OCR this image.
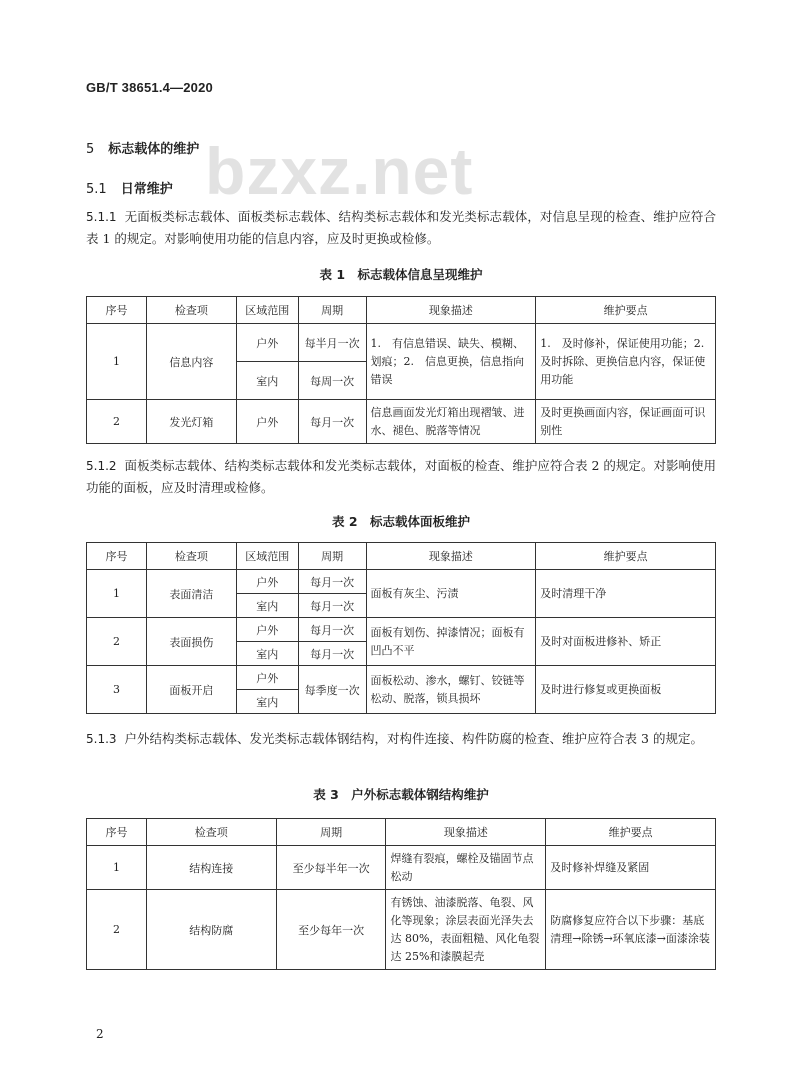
GB/T 38651.4—2020
bzxz.net
5 标志载体的维护
5.1 日常维护
5.1.1 无面板类标志载体、面板类标志载体、结构类标志载体和发光类标志载体，对信息呈现的检查、维护应符合表 1 的规定。对影响使用功能的信息内容，应及时更换或检修。
表 1　标志载体信息呈现维护
序号	检查项	区域范围	周期	现象描述	维护要点
1	信息内容	户外	每半月一次	1.　有信息错误、缺失、模糊、划痕；2.　信息更换，信息指向错误	1.　及时修补，保证使用功能；2.　及时拆除、更换信息内容，保证使用功能
		室内	每周一次		
2	发光灯箱	户外	每月一次	信息画面发光灯箱出现褶皱、进水、褪色、脱落等情况	及时更换画面内容，保证画面可识别性
5.1.2 面板类标志载体、结构类标志载体和发光类标志载体，对面板的检查、维护应符合表 2 的规定。对影响使用功能的面板，应及时清理或检修。
表 2　标志载体面板维护
序号	检查项	区域范围	周期	现象描述	维护要点
1	表面清洁	户外	每月一次	面板有灰尘、污渍	及时清理干净
		室内	每月一次		
2	表面损伤	户外	每月一次	面板有划伤、掉漆情况；面板有凹凸不平	及时对面板进修补、矫正
		室内	每月一次		
3	面板开启	户外	每季度一次	面板松动、渗水，螺钉、铰链等松动、脱落，锁具损坏	及时进行修复或更换面板
		室内			
5.1.3 户外结构类标志载体、发光类标志载体钢结构，对构件连接、构件防腐的检查、维护应符合表 3 的规定。
表 3　户外标志载体钢结构维护
序号	检查项	周期	现象描述	维护要点
1	结构连接	至少每半年一次	焊缝有裂痕，螺栓及锚固节点松动	及时修补焊缝及紧固
2	结构防腐	至少每年一次	有锈蚀、油漆脱落、龟裂、风化等现象；涂层表面光泽失去达 80%，表面粗糙、风化龟裂达 25%和漆膜起壳	防腐修复应符合以下步骤：基底清理→除锈→环氧底漆→面漆涂装
2
